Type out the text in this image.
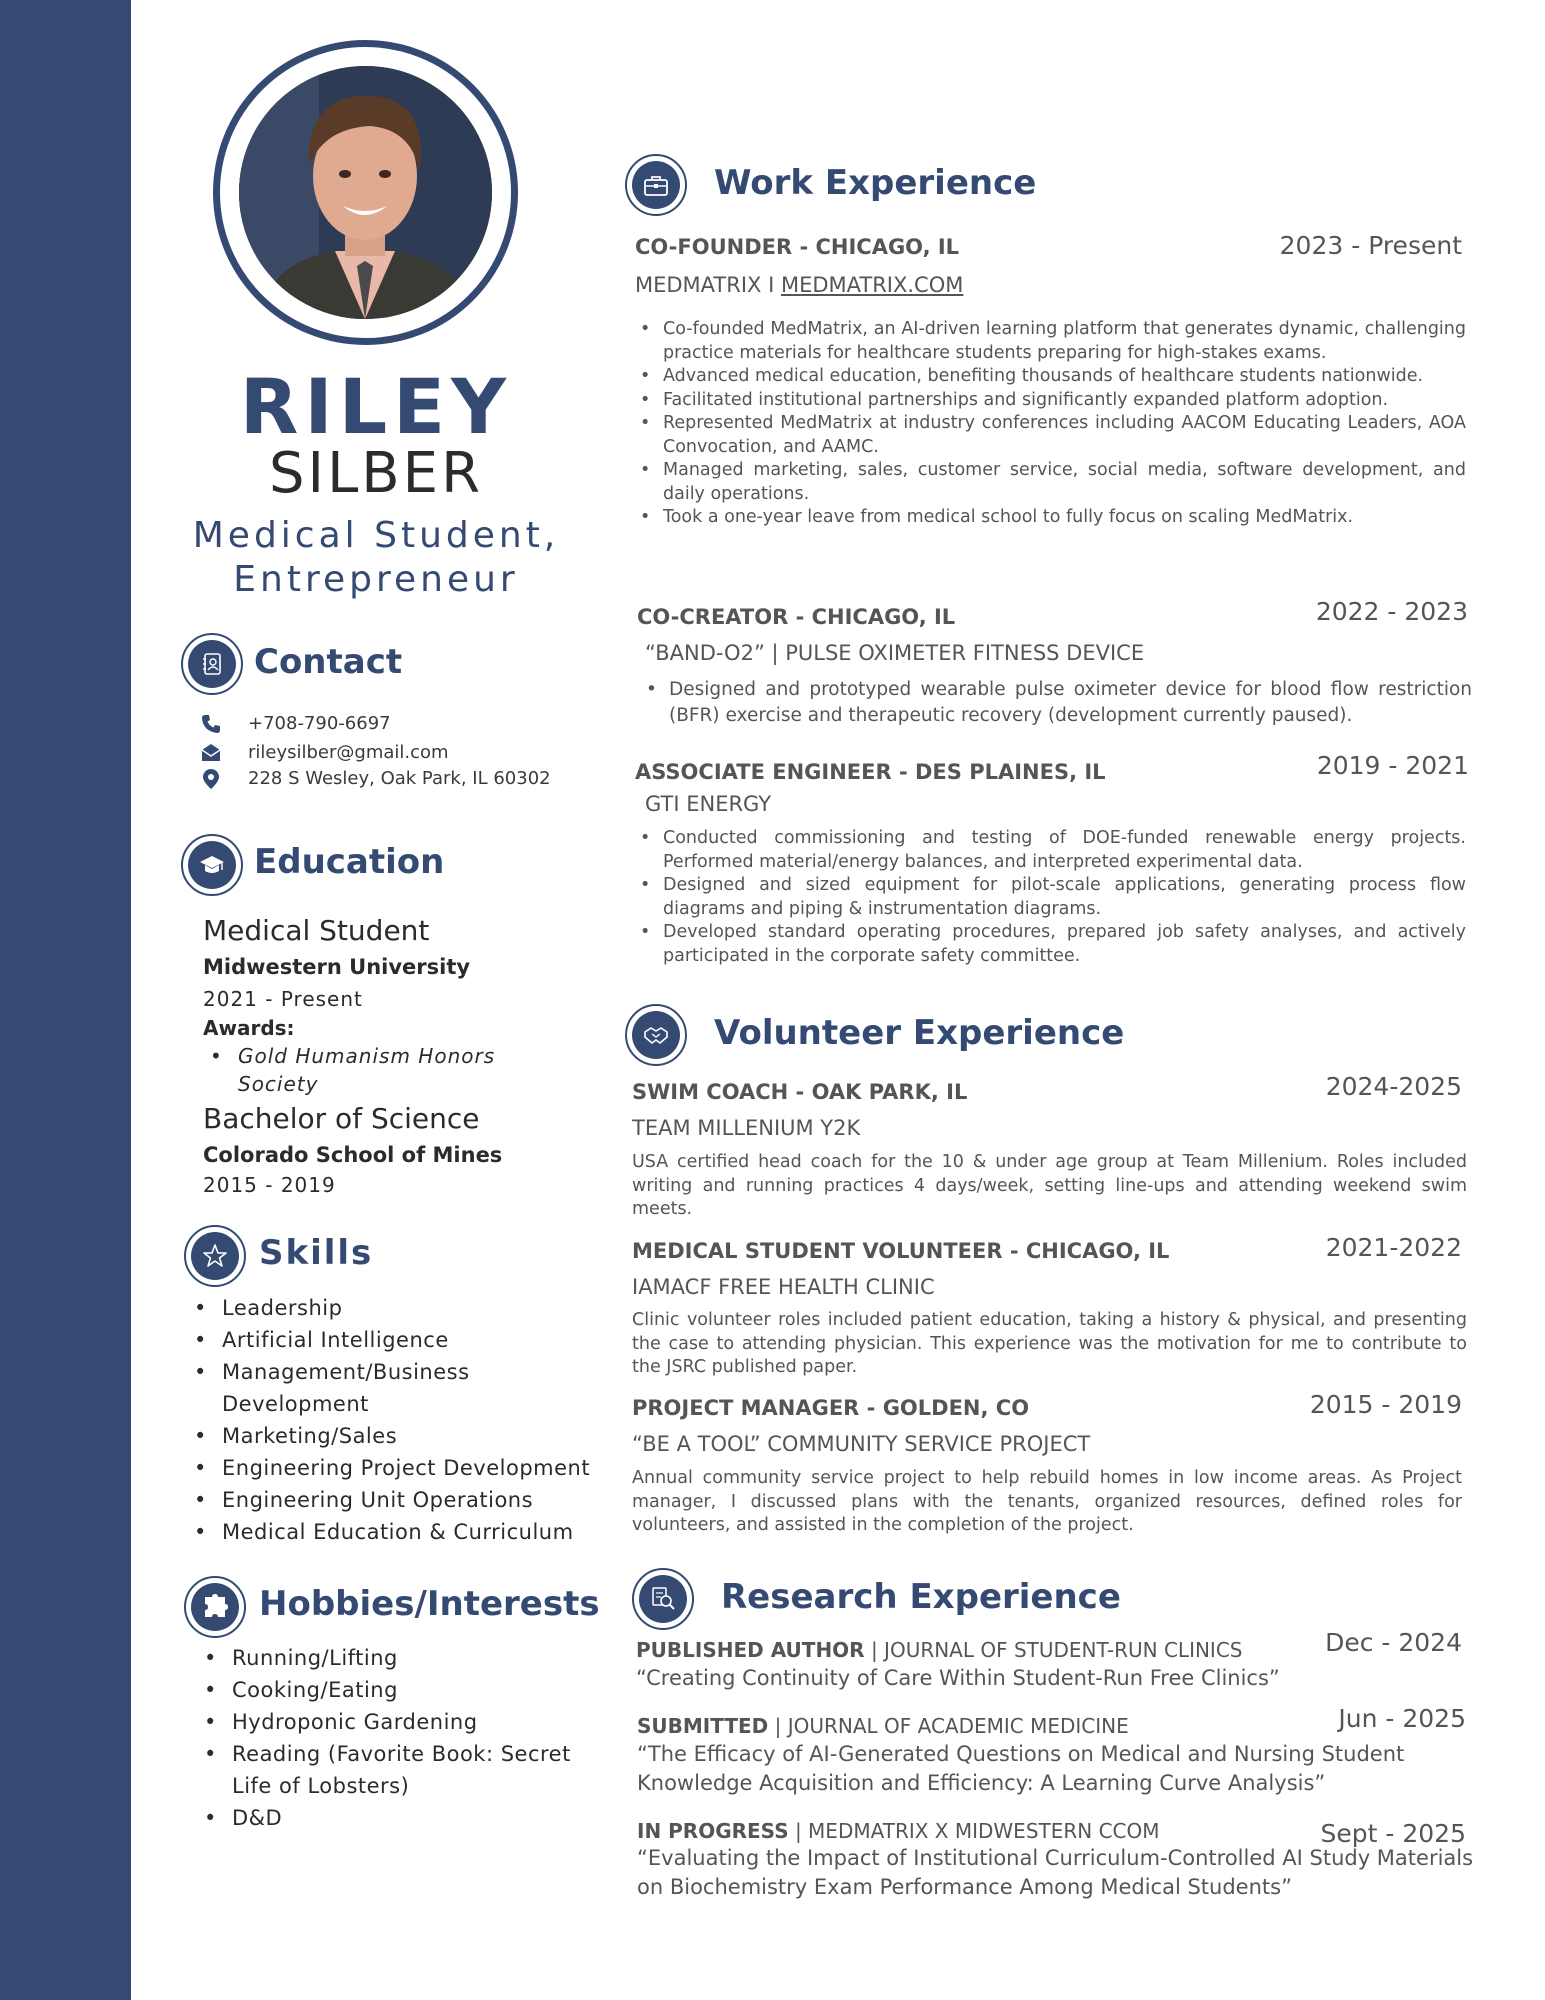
RILEY
SILBER
Medical Student,
Entrepreneur
Contact
+708-790-6697
rileysilber@gmail.com
228 S Wesley, Oak Park, IL 60302
Education
Medical Student
Midwestern University
2021 - Present
Awards:
• Gold Humanism Honors Society
Bachelor of Science
Colorado School of Mines
2015 - 2019
Skills
• Leadership
• Artificial Intelligence
• Management/Business Development
• Marketing/Sales
• Engineering Project Development
• Engineering Unit Operations
• Medical Education & Curriculum
Hobbies/Interests
• Running/Lifting
• Cooking/Eating
• Hydroponic Gardening
• Reading (Favorite Book: Secret Life of Lobsters)
• D&D
Work Experience
CO-FOUNDER - CHICAGO, IL	2023 - Present
MEDMATRIX I MEDMATRIX.COM
• Co-founded MedMatrix, an AI-driven learning platform that generates dynamic, challenging practice materials for healthcare students preparing for high-stakes exams.
• Advanced medical education, benefiting thousands of healthcare students nationwide.
• Facilitated institutional partnerships and significantly expanded platform adoption.
• Represented MedMatrix at industry conferences including AACOM Educating Leaders, AOA Convocation, and AAMC.
• Managed marketing, sales, customer service, social media, software development, and daily operations.
• Took a one-year leave from medical school to fully focus on scaling MedMatrix.
CO-CREATOR - CHICAGO, IL	2022 - 2023
“BAND-O2” | PULSE OXIMETER FITNESS DEVICE
• Designed and prototyped wearable pulse oximeter device for blood flow restriction (BFR) exercise and therapeutic recovery (development currently paused).
ASSOCIATE ENGINEER - DES PLAINES, IL	2019 - 2021
GTI ENERGY
• Conducted commissioning and testing of DOE-funded renewable energy projects. Performed material/energy balances, and interpreted experimental data.
• Designed and sized equipment for pilot-scale applications, generating process flow diagrams and piping & instrumentation diagrams.
• Developed standard operating procedures, prepared job safety analyses, and actively participated in the corporate safety committee.
Volunteer Experience
SWIM COACH - OAK PARK, IL	2024-2025
TEAM MILLENIUM Y2K
USA certified head coach for the 10 & under age group at Team Millenium. Roles included writing and running practices 4 days/week, setting line-ups and attending weekend swim meets.
MEDICAL STUDENT VOLUNTEER - CHICAGO, IL	2021-2022
IAMACF FREE HEALTH CLINIC
Clinic volunteer roles included patient education, taking a history & physical, and presenting the case to attending physician. This experience was the motivation for me to contribute to the JSRC published paper.
PROJECT MANAGER - GOLDEN, CO	2015 - 2019
“BE A TOOL” COMMUNITY SERVICE PROJECT
Annual community service project to help rebuild homes in low income areas. As Project manager, I discussed plans with the tenants, organized resources, defined roles for volunteers, and assisted in the completion of the project.
Research Experience
PUBLISHED AUTHOR | JOURNAL OF STUDENT-RUN CLINICS	Dec - 2024
“Creating Continuity of Care Within Student-Run Free Clinics”
SUBMITTED | JOURNAL OF ACADEMIC MEDICINE	Jun - 2025
“The Efficacy of AI-Generated Questions on Medical and Nursing Student Knowledge Acquisition and Efficiency: A Learning Curve Analysis”
IN PROGRESS | MEDMATRIX X MIDWESTERN CCOM	Sept - 2025
“Evaluating the Impact of Institutional Curriculum-Controlled AI Study Materials on Biochemistry Exam Performance Among Medical Students”
